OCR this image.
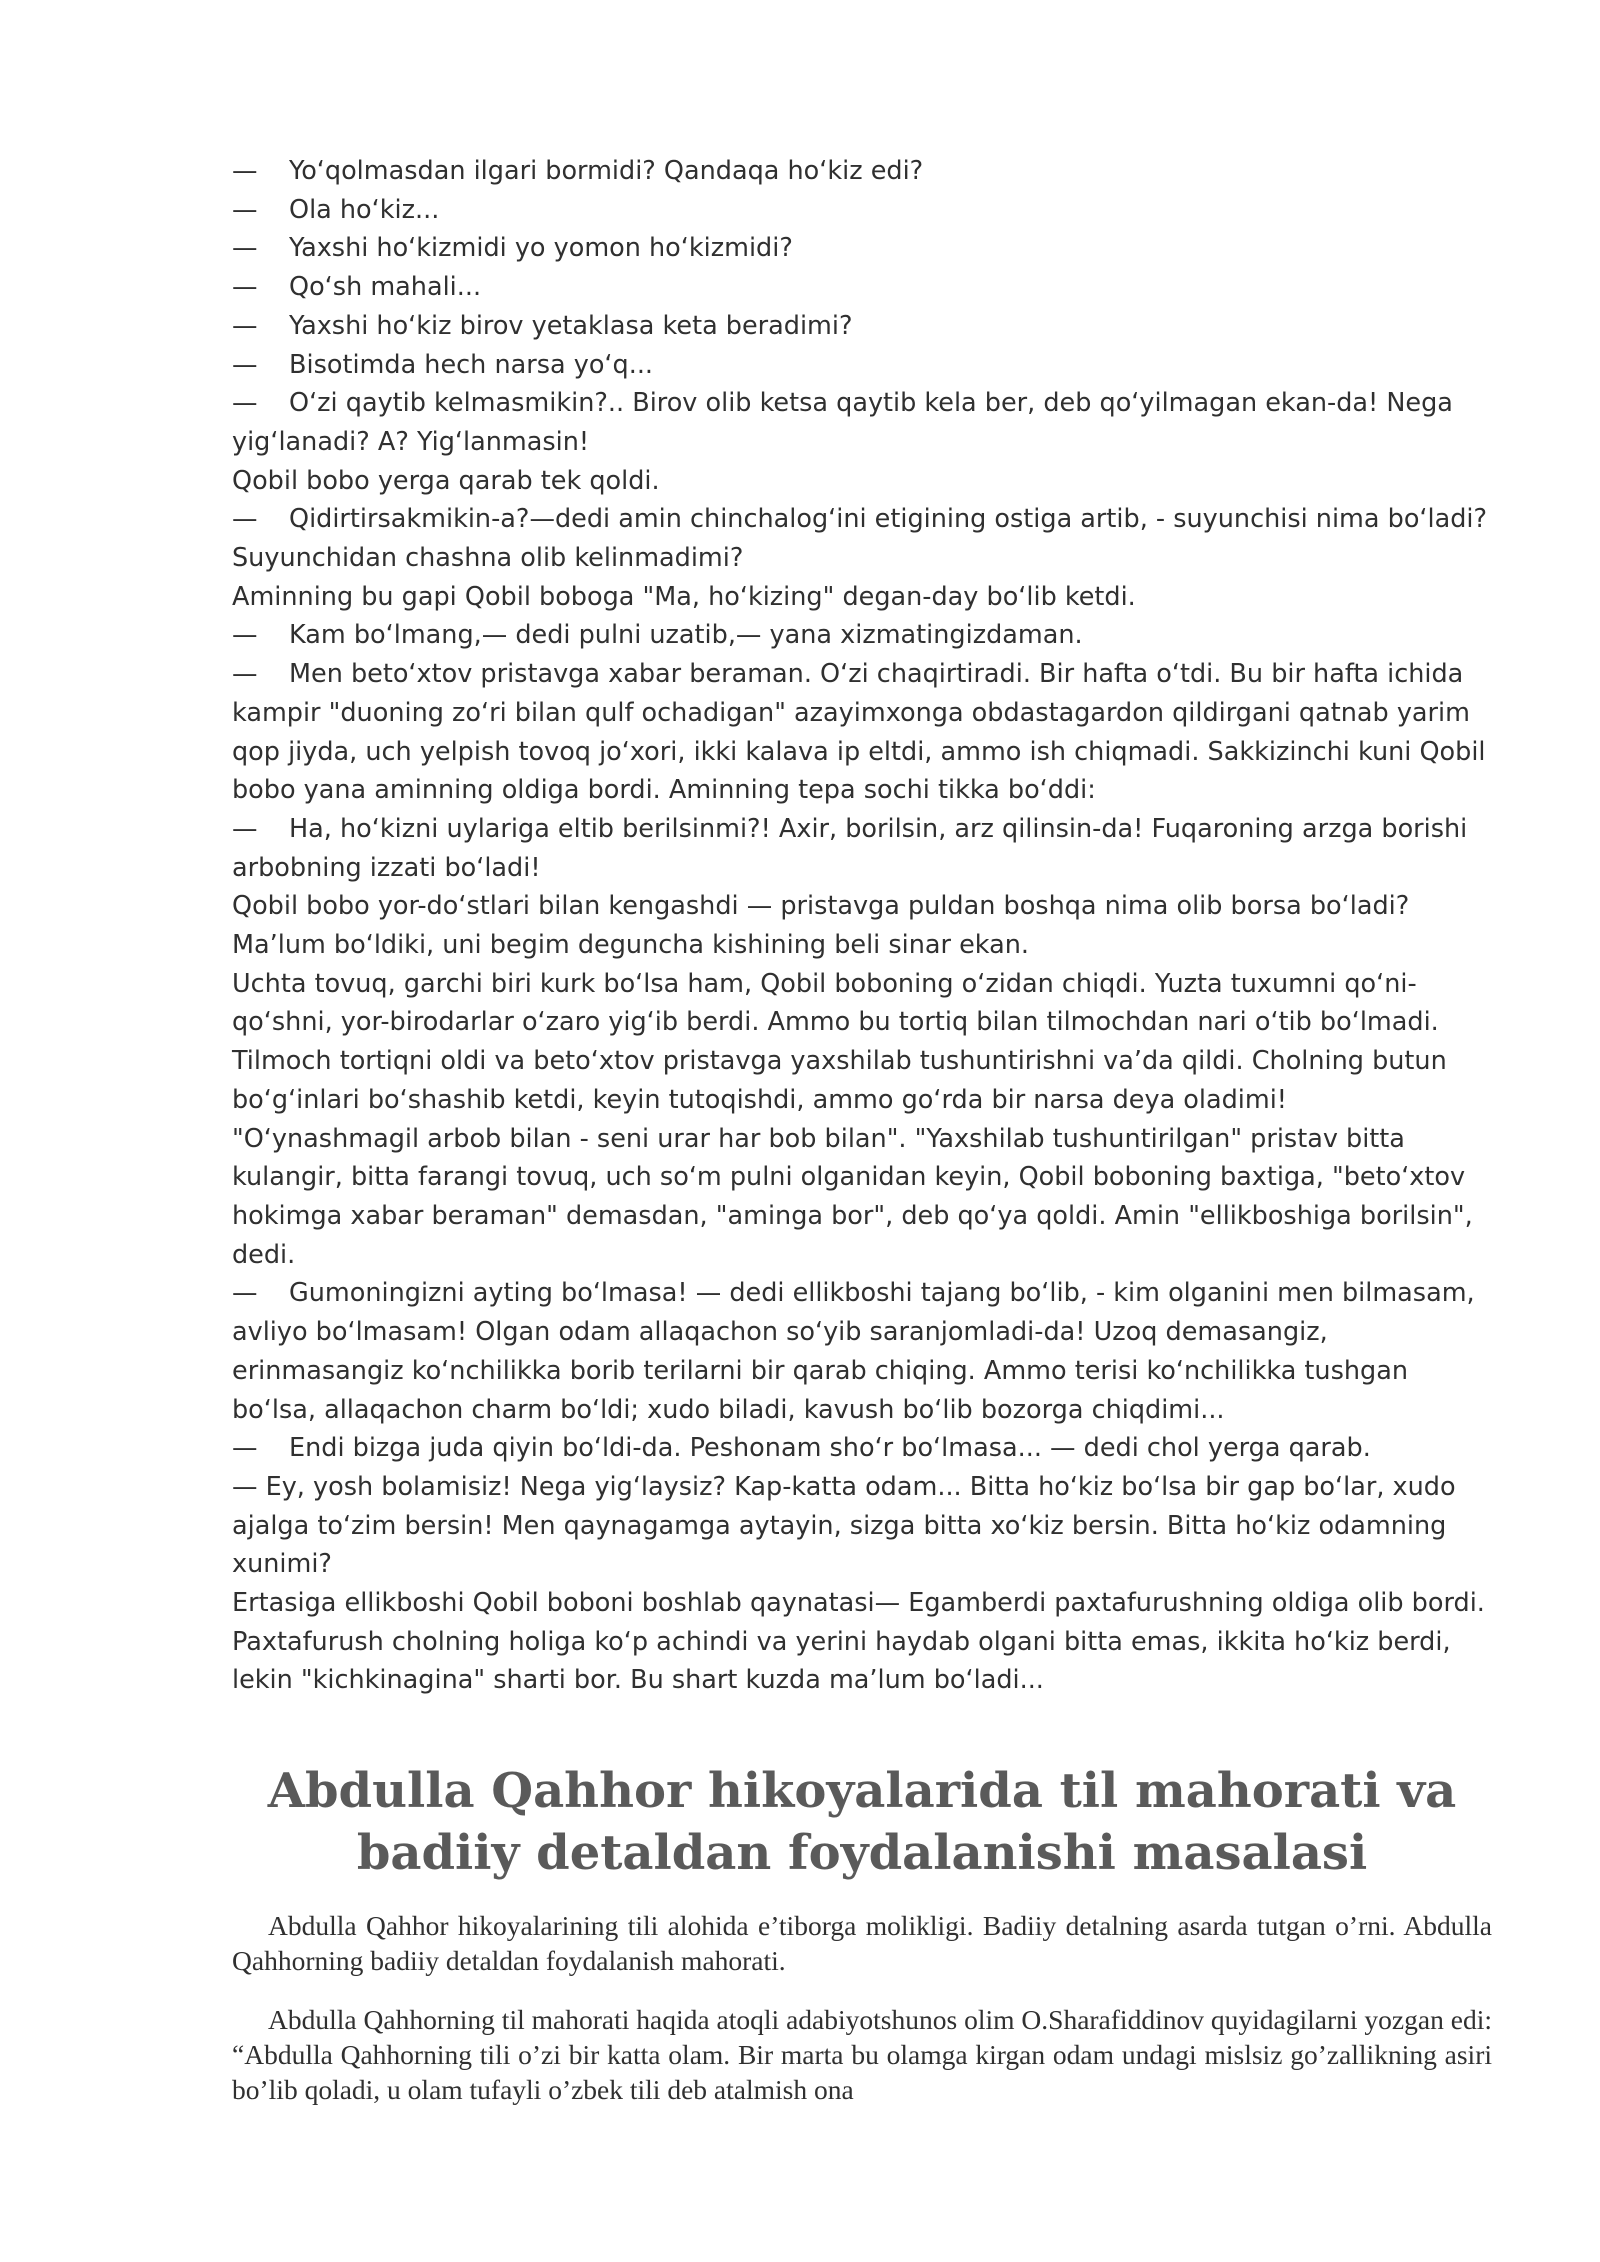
— Yo‘qolmasdan ilgari bormidi? Qandaqa ho‘kiz edi?

— Ola ho‘kiz...

— Yaxshi ho‘kizmidi yo yomon ho‘kizmidi?

— Qo‘sh mahali...

— Yaxshi ho‘kiz birov yetaklasa keta beradimi?

— Bisotimda hech narsa yo‘q...

— O‘zi qaytib kelmasmikin?.. Birov olib ketsa qaytib kela ber, deb qo‘yilmagan ekan-da! Nega yig‘lanadi? A? Yig‘lanmasin!

Qobil bobo yerga qarab tek qoldi.

— Qidirtirsakmikin-a?—dedi amin chinchalog‘ini etigining ostiga artib, - suyunchisi nima bo‘ladi? Suyunchidan chashna olib kelinmadimi?

Aminning bu gapi Qobil boboga "Ma, ho‘kizing" degan-day bo‘lib ketdi.

— Kam bo‘lmang,— dedi pulni uzatib,— yana xizmatingizdaman.

— Men beto‘xtov pristavga xabar beraman. O‘zi chaqirtiradi. Bir hafta o‘tdi. Bu bir hafta ichida kampir "duoning zo‘ri bilan qulf ochadigan" azayimxonga obdastagardon qildirgani qatnab yarim qop jiyda, uch yelpish tovoq jo‘xori, ikki kalava ip eltdi, ammo ish chiqmadi. Sakkizinchi kuni Qobil bobo yana aminning oldiga bordi. Aminning tepa sochi tikka bo‘ddi:

— Ha, ho‘kizni uylariga eltib berilsinmi?! Axir, borilsin, arz qilinsin-da! Fuqaroning arzga borishi arbobning izzati bo‘ladi!

Qobil bobo yor-do‘stlari bilan kengashdi — pristavga puldan boshqa nima olib borsa bo‘ladi? Ma’lum bo‘ldiki, uni begim deguncha kishining beli sinar ekan.

Uchta tovuq, garchi biri kurk bo‘lsa ham, Qobil boboning o‘zidan chiqdi. Yuzta tuxumni qo‘ni-qo‘shni, yor-birodarlar o‘zaro yig‘ib berdi. Ammo bu tortiq bilan tilmochdan nari o‘tib bo‘lmadi. Tilmoch tortiqni oldi va beto‘xtov pristavga yaxshilab tushuntirishni va’da qildi. Cholning butun bo‘g‘inlari bo‘shashib ketdi, keyin tutoqishdi, ammo go‘rda bir narsa deya oladimi!

"O‘ynashmagil arbob bilan - seni urar har bob bilan". "Yaxshilab tushuntirilgan" pristav bitta kulangir, bitta farangi tovuq, uch so‘m pulni olganidan keyin, Qobil boboning baxtiga, "beto‘xtov hokimga xabar beraman" demasdan, "aminga bor", deb qo‘ya qoldi. Amin "ellikboshiga borilsin", dedi.

— Gumoningizni ayting bo‘lmasa! — dedi ellikboshi tajang bo‘lib, - kim olganini men bilmasam, avliyo bo‘lmasam! Olgan odam allaqachon so‘yib saranjomladi-da! Uzoq demasangiz, erinmasangiz ko‘nchilikka borib terilarni bir qarab chiqing. Ammo terisi ko‘nchilikka tushgan bo‘lsa, allaqachon charm bo‘ldi; xudo biladi, kavush bo‘lib bozorga chiqdimi...

— Endi bizga juda qiyin bo‘ldi-da. Peshonam sho‘r bo‘lmasa... — dedi chol yerga qarab.

— Ey, yosh bolamisiz! Nega yig‘laysiz? Kap-katta odam... Bitta ho‘kiz bo‘lsa bir gap bo‘lar, xudo ajalga to‘zim bersin! Men qaynagamga aytayin, sizga bitta xo‘kiz bersin. Bitta ho‘kiz odamning xunimi?

Ertasiga ellikboshi Qobil boboni boshlab qaynatasi— Egamberdi paxtafurushning oldiga olib bordi. Paxtafurush cholning holiga ko‘p achindi va yerini haydab olgani bitta emas, ikkita ho‘kiz berdi, lekin "kichkinagina" sharti bor. Bu shart kuzda ma’lum bo‘ladi...

Abdulla Qahhor hikoyalarida til mahorati va badiiy detaldan foydalanishi masalasi

Abdulla Qahhor hikoyalarining tili alohida e’tiborga molikligi. Badiiy detalning asarda tutgan o’rni. Abdulla Qahhorning badiiy detaldan foydalanish mahorati.

Abdulla Qahhorning til mahorati haqida atoqli adabiyotshunos olim O.Sharafiddinov quyidagilarni yozgan edi: “Abdulla Qahhorning tili o’zi bir katta olam. Bir marta bu olamga kirgan odam undagi mislsiz go’zallikning asiri bo’lib qoladi, u olam tufayli o’zbek tili deb atalmish ona
